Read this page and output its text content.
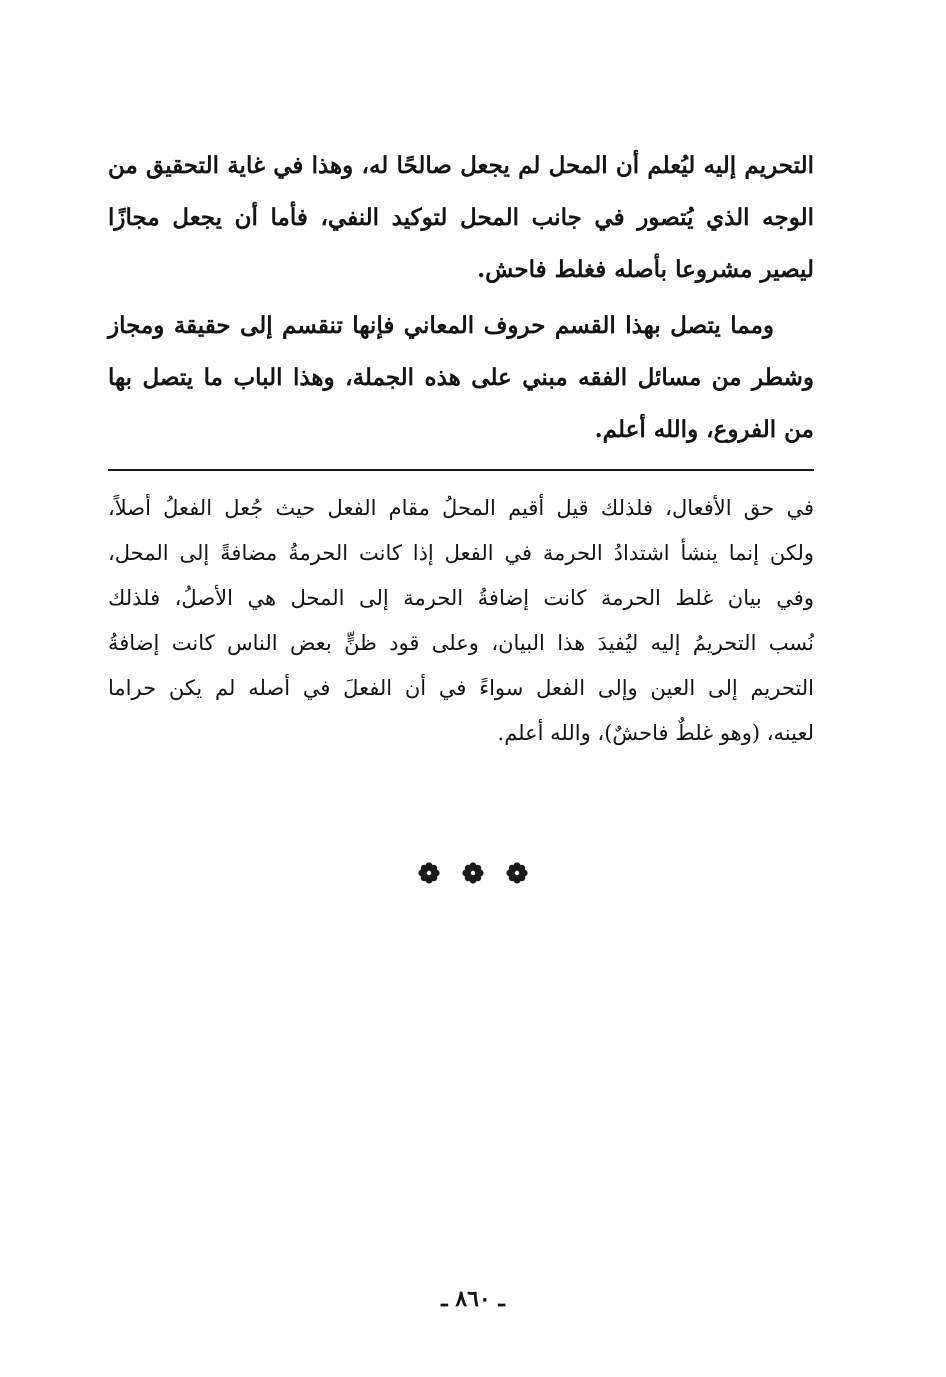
التحريم إليه ليُعلم أن المحل لم يجعل صالحًا له، وهذا في غاية التحقيق من
الوجه الذي يُتصور في جانب المحل لتوكيد النفي، فأما أن يجعل مجازًا
ليصير مشروعا بأصله فغلط فاحش.
ومما يتصل بهذا القسم حروف المعاني فإنها تنقسم إلى حقيقة ومجاز
وشطر من مسائل الفقه مبني على هذه الجملة، وهذا الباب ما يتصل بها
من الفروع، والله أعلم.
في حق الأفعال، فلذلك قيل أقيم المحلُ مقام الفعل حيث جُعل الفعلُ أصلاً،
ولكن إنما ينشأ اشتدادُ الحرمة في الفعل إذا كانت الحرمةُ مضافةً إلى المحل،
وفي بيان غلط الحرمة كانت إضافةُ الحرمة إلى المحل هي الأصلُ، فلذلك
نُسب التحريمُ إليه ليُفيدَ هذا البيان، وعلى قود ظنٍّ بعض الناس كانت إضافةُ
التحريم إلى العين وإلى الفعل سواءً في أن الفعلَ في أصله لم يكن حراما
لعينه، (وهو غلطٌ فاحشٌ)، والله أعلم.

ـ ٨٦٠ ـ
